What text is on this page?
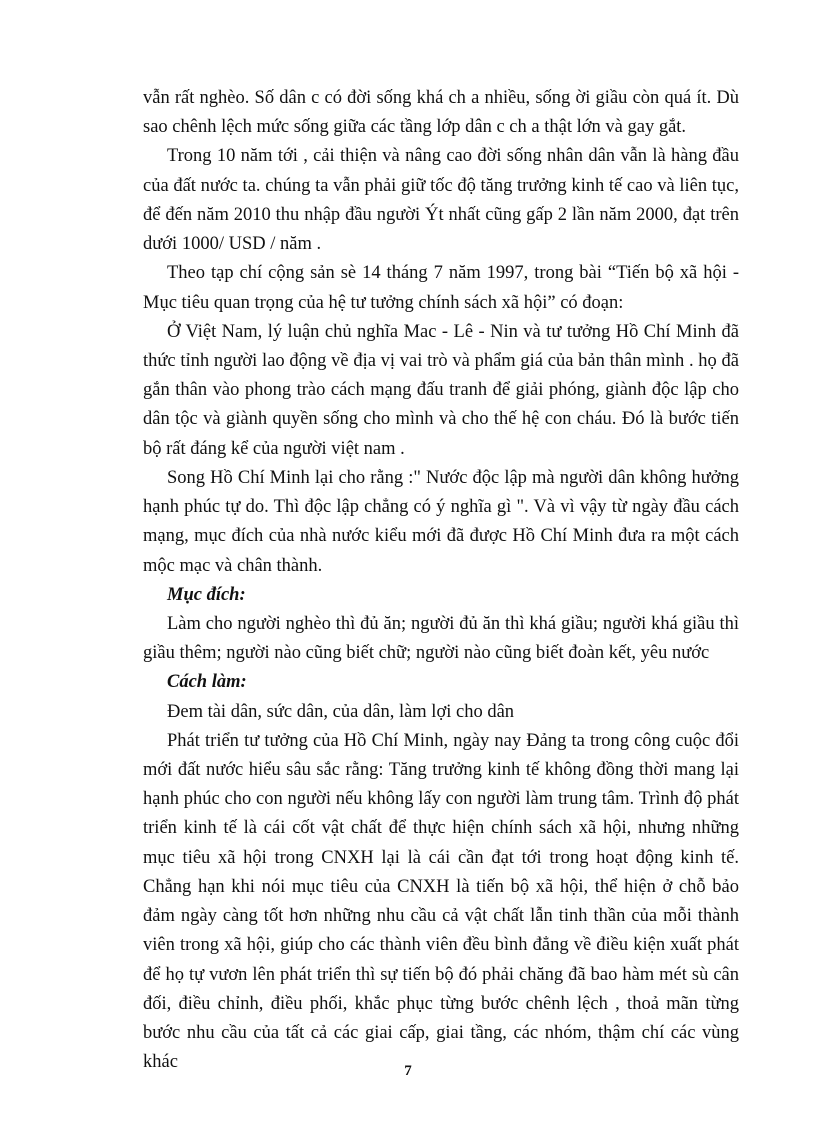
vẫn rất nghèo. Số dân c có đời sống khá ch a nhiều, sống ời giầu còn quá ít. Dù sao chênh lệch mức sống giữa các tầng lớp dân c ch a thật lớn và gay gắt.
Trong 10 năm tới , cải thiện và nâng cao đời sống nhân dân vẫn là hàng đầu của đất nước ta. chúng ta vẫn phải giữ tốc độ tăng trưởng kinh tế cao và liên tục, để đến năm 2010 thu nhập đầu người Ýt nhất cũng gấp 2 lần năm 2000, đạt trên dưới 1000/ USD / năm .
Theo tạp chí cộng sản sè 14 tháng 7 năm 1997, trong bài “Tiến bộ xã hội - Mục tiêu quan trọng của hệ tư tưởng chính sách xã hội” có đoạn:
Ở Việt Nam, lý luận chủ nghĩa Mac - Lê - Nin và tư tưởng Hồ Chí Minh đã thức tỉnh người lao động về địa vị vai trò và phẩm giá của bản thân mình . họ đã gắn thân vào phong trào cách mạng đấu tranh để giải phóng, giành độc lập cho dân tộc và giành quyền sống cho mình và cho thế hệ con cháu. Đó là bước tiến bộ rất đáng kể của người việt nam .
Song Hồ Chí Minh lại cho rằng :" Nước độc lập mà người dân không hưởng hạnh phúc tự do. Thì độc lập chẳng có ý nghĩa gì ". Và vì vậy từ ngày đầu cách mạng, mục đích của nhà nước kiểu mới đã được Hồ Chí Minh đưa ra một cách mộc mạc và chân thành.
Mục đích:
Làm cho người nghèo thì đủ ăn; người đủ ăn thì khá giầu; người khá giầu thì giầu thêm; người nào cũng biết chữ; người nào cũng biết đoàn kết, yêu nước
Cách làm:
Đem tài dân, sức dân, của dân, làm lợi cho dân
Phát triển tư tưởng của Hồ Chí Minh, ngày nay Đảng ta trong công cuộc đổi mới đất nước hiểu sâu sắc rằng: Tăng trưởng kinh tế không đồng thời mang lại hạnh phúc cho con người nếu không lấy con người làm trung tâm. Trình độ phát triển kinh tế là cái cốt vật chất để thực hiện chính sách xã hội, nhưng những mục tiêu xã hội trong CNXH lại là cái cần đạt tới trong hoạt động kinh tế. Chẳng hạn khi nói mục tiêu của CNXH là tiến bộ xã hội, thể hiện ở chỗ bảo đảm ngày càng tốt hơn những nhu cầu cả vật chất lẫn tinh thần của mỗi thành viên trong xã hội, giúp cho các thành viên đều bình đẳng về điều kiện xuất phát để họ tự vươn lên phát triển thì sự tiến bộ đó phải chăng đã bao hàm mét sù cân đối, điều chỉnh, điều phối, khắc phục từng bước chênh lệch , thoả mãn từng bước nhu cầu của tất cả các giai cấp, giai tầng, các nhóm, thậm chí các vùng khác	7
